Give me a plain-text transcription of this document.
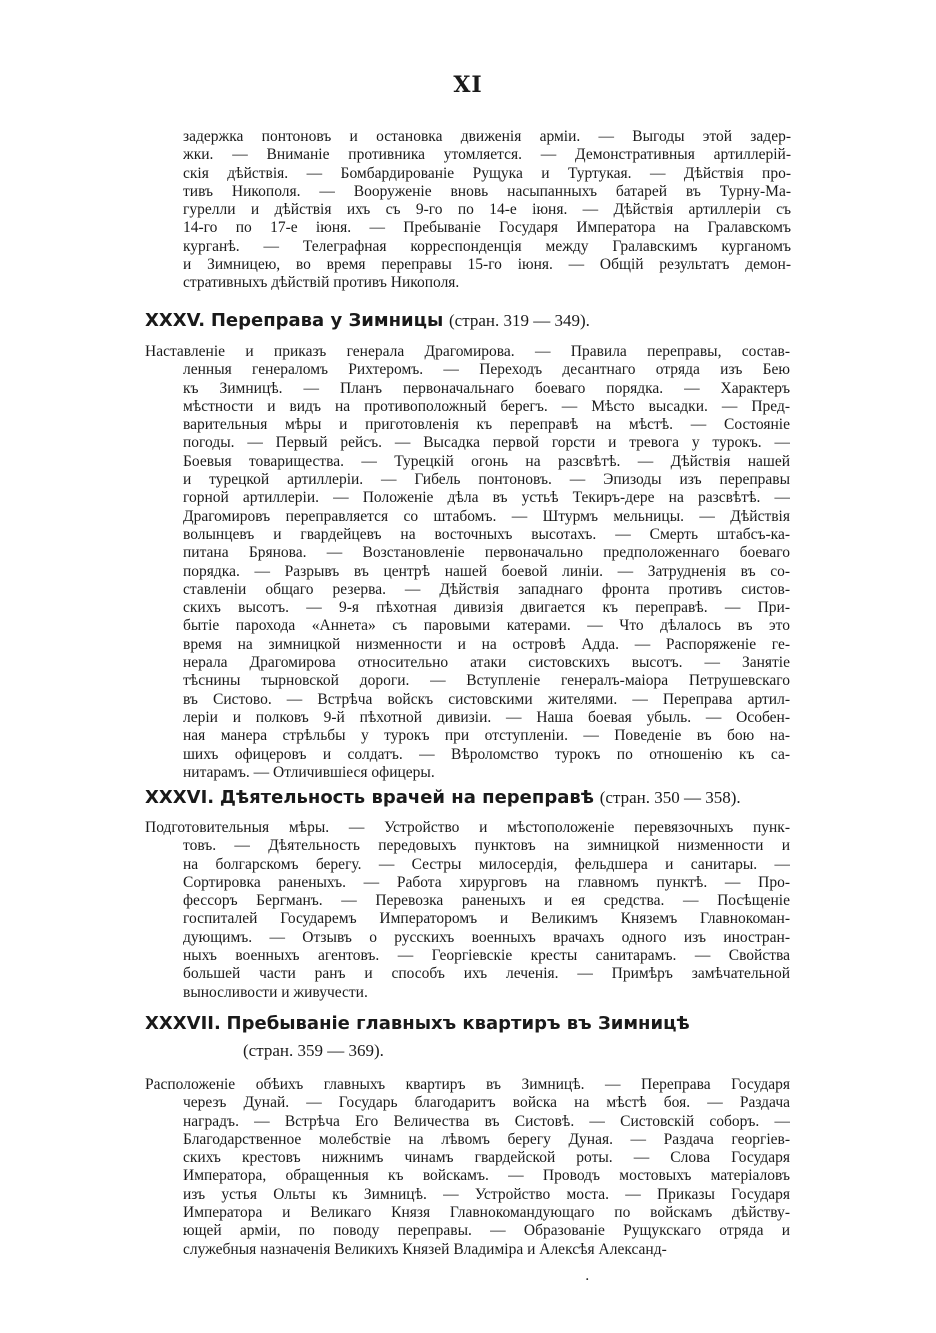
XI
задержка понтоновъ и остановка движенія арміи. — Выгоды этой задер-
жки. — Вниманіе противника утомляется. — Демонстративныя артиллерій-
скія дѣйствія. — Бомбардированіе Рущука и Туртукая. — Дѣйствія про-
тивъ Никополя. — Вооруженіе вновь насыпанныхъ батарей въ Турну-Ма-
гурелли и дѣйствія ихъ съ 9-го по 14-е іюня. — Дѣйствія артиллеріи съ
14-го по 17-е іюня. — Пребываніе Государя Императора на Гралавскомъ
курганѣ. — Телеграфная корреспонденція между Гралавскимъ курганомъ
и Зимницею, во время переправы 15-го іюня. — Общій результатъ демон-
стративныхъ дѣйствій противъ Никополя.
XXXV. Переправа у Зимницы (стран. 319 — 349).
Наставленіе и приказъ генерала Драгомирова. — Правила переправы, состав-
ленныя генераломъ Рихтеромъ. — Переходъ десантнаго отряда изъ Бею
къ Зимницѣ. — Планъ первоначальнаго боеваго порядка. — Характеръ
мѣстности и видъ на противоположный берегъ. — Мѣсто высадки. — Пред-
варительныя мѣры и приготовленія къ переправѣ на мѣстѣ. — Состояніе
погоды. — Первый рейсъ. — Высадка первой горсти и тревога у турокъ. —
Боевыя товарищества. — Турецкій огонь на разсвѣтѣ. — Дѣйствія нашей
и турецкой артиллеріи. — Гибель понтоновъ. — Эпизоды изъ переправы
горной артиллеріи. — Положеніе дѣла въ устьѣ Текиръ-дере на разсвѣтѣ. —
Драгомировъ переправляется со штабомъ. — Штурмъ мельницы. — Дѣйствія
волынцевъ и гвардейцевъ на восточныхъ высотахъ. — Смерть штабсъ-ка-
питана Брянова. — Возстановленіе первоначально предположеннаго боеваго
порядка. — Разрывъ въ центрѣ нашей боевой линіи. — Затрудненія въ со-
ставленіи общаго резерва. — Дѣйствія западнаго фронта противъ систов-
скихъ высотъ. — 9-я пѣхотная дивизія двигается къ переправѣ. — При-
бытіе парохода «Аннета» съ паровыми катерами. — Что дѣлалось въ это
время на зимницкой низменности и на островѣ Адда. — Распоряженіе ге-
нерала Драгомирова относительно атаки систовскихъ высотъ. — Занятіе
тѣснины тырновской дороги. — Вступленіе генералъ-маіора Петрушевскаго
въ Систово. — Встрѣча войскъ систовскими жителями. — Переправа артил-
леріи и полковъ 9-й пѣхотной дивизіи. — Наша боевая убыль. — Особен-
ная манера стрѣльбы у турокъ при отступленіи. — Поведеніе въ бою на-
шихъ офицеровъ и солдатъ. — Вѣроломство турокъ по отношенію къ са-
нитарамъ. — Отличившіеся офицеры.
XXXVI. Дѣятельность врачей на переправѣ (стран. 350 — 358).
Подготовительныя мѣры. — Устройство и мѣстоположеніе перевязочныхъ пунк-
товъ. — Дѣятельность передовыхъ пунктовъ на зимницкой низменности и
на болгарскомъ берегу. — Сестры милосердія, фельдшера и санитары. —
Сортировка раненыхъ. — Работа хирурговъ на главномъ пунктѣ. — Про-
фессоръ Бергманъ. — Перевозка раненыхъ и ея средства. — Посѣщеніе
госпиталей Государемъ Императоромъ и Великимъ Княземъ Главнокоман-
дующимъ. — Отзывъ о русскихъ военныхъ врачахъ одного изъ иностран-
ныхъ военныхъ агентовъ. — Георгіевскіе кресты санитарамъ. — Свойства
большей части ранъ и способъ ихъ леченія. — Примѣръ замѣчательной
выносливости и живучести.
XXXVII. Пребываніе главныхъ квартиръ въ Зимницѣ
(стран. 359 — 369).
Расположеніе обѣихъ главныхъ квартиръ въ Зимницѣ. — Переправа Государя
черезъ Дунай. — Государь благодаритъ войска на мѣстѣ боя. — Раздача
наградъ. — Встрѣча Его Величества въ Систовѣ. — Систовскій соборъ. —
Благодарственное молебствіе на лѣвомъ берегу Дуная. — Раздача георгіев-
скихъ крестовъ нижнимъ чинамъ гвардейской роты. — Слова Государя
Императора, обращенныя къ войскамъ. — Проводъ мостовыхъ матеріаловъ
изъ устья Ольты къ Зимницѣ. — Устройство моста. — Приказы Государя
Императора и Великаго Князя Главнокомандующаго по войскамъ дѣйству-
ющей арміи, по поводу переправы. — Образованіе Рущукскаго отряда и
служебныя назначенія Великихъ Князей Владиміра и Алексѣя Александ-
.
